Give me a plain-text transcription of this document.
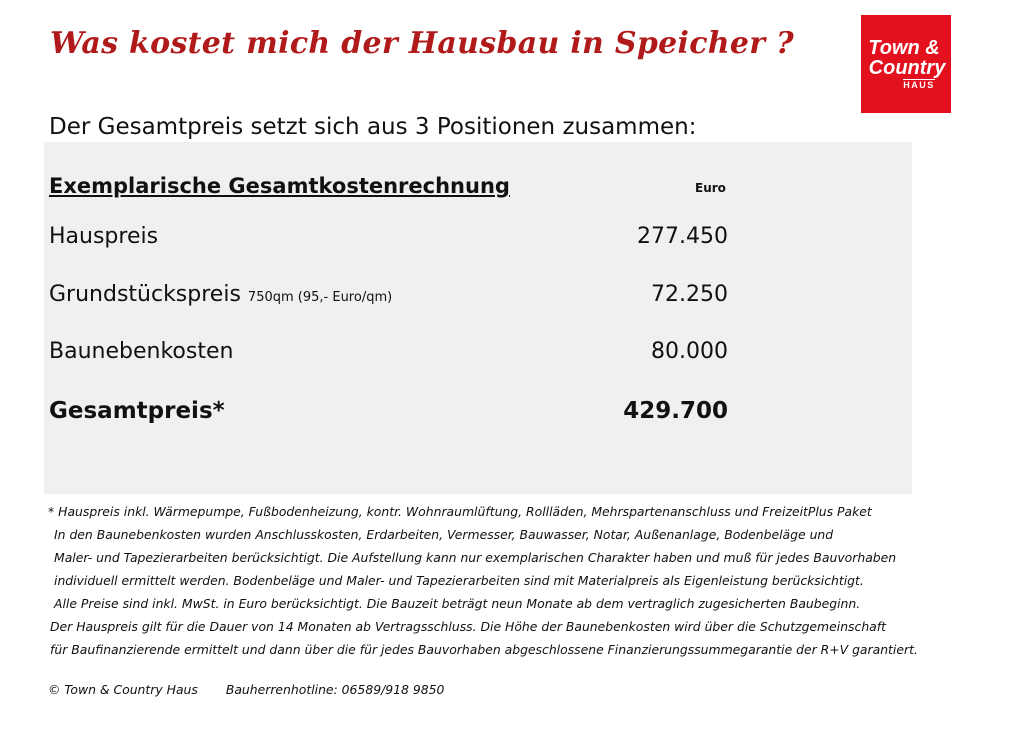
Was kostet mich der Hausbau in Speicher ?	Town &
Country
HAUS
Der Gesamtpreis setzt sich aus 3 Positionen zusammen:
Exemplarische Gesamtkostenrechnung	Euro
Hauspreis	277.450
Grundstückspreis 750qm (95,- Euro/qm)	72.250
Baunebenkosten	80.000
Gesamtpreis*	429.700
* Hauspreis inkl. Wärmepumpe, Fußbodenheizung, kontr. Wohnraumlüftung, Rollläden, Mehrspartenanschluss und FreizeitPlus Paket
In den Baunebenkosten wurden Anschlusskosten, Erdarbeiten, Vermesser, Bauwasser, Notar, Außenanlage, Bodenbeläge und
Maler- und Tapezierarbeiten berücksichtigt. Die Aufstellung kann nur exemplarischen Charakter haben und muß für jedes Bauvorhaben
individuell ermittelt werden. Bodenbeläge und Maler- und Tapezierarbeiten sind mit Materialpreis als Eigenleistung berücksichtigt.
Alle Preise sind inkl. MwSt. in Euro berücksichtigt. Die Bauzeit beträgt neun Monate ab dem vertraglich zugesicherten Baubeginn.
Der Hauspreis gilt für die Dauer von 14 Monaten ab Vertragsschluss. Die Höhe der Baunebenkosten wird über die Schutzgemeinschaft
für Baufinanzierende ermittelt und dann über die für jedes Bauvorhaben abgeschlossene Finanzierungssummegarantie der R+V garantiert.
© Town & Country Haus Bauherrenhotline: 06589/918 9850
